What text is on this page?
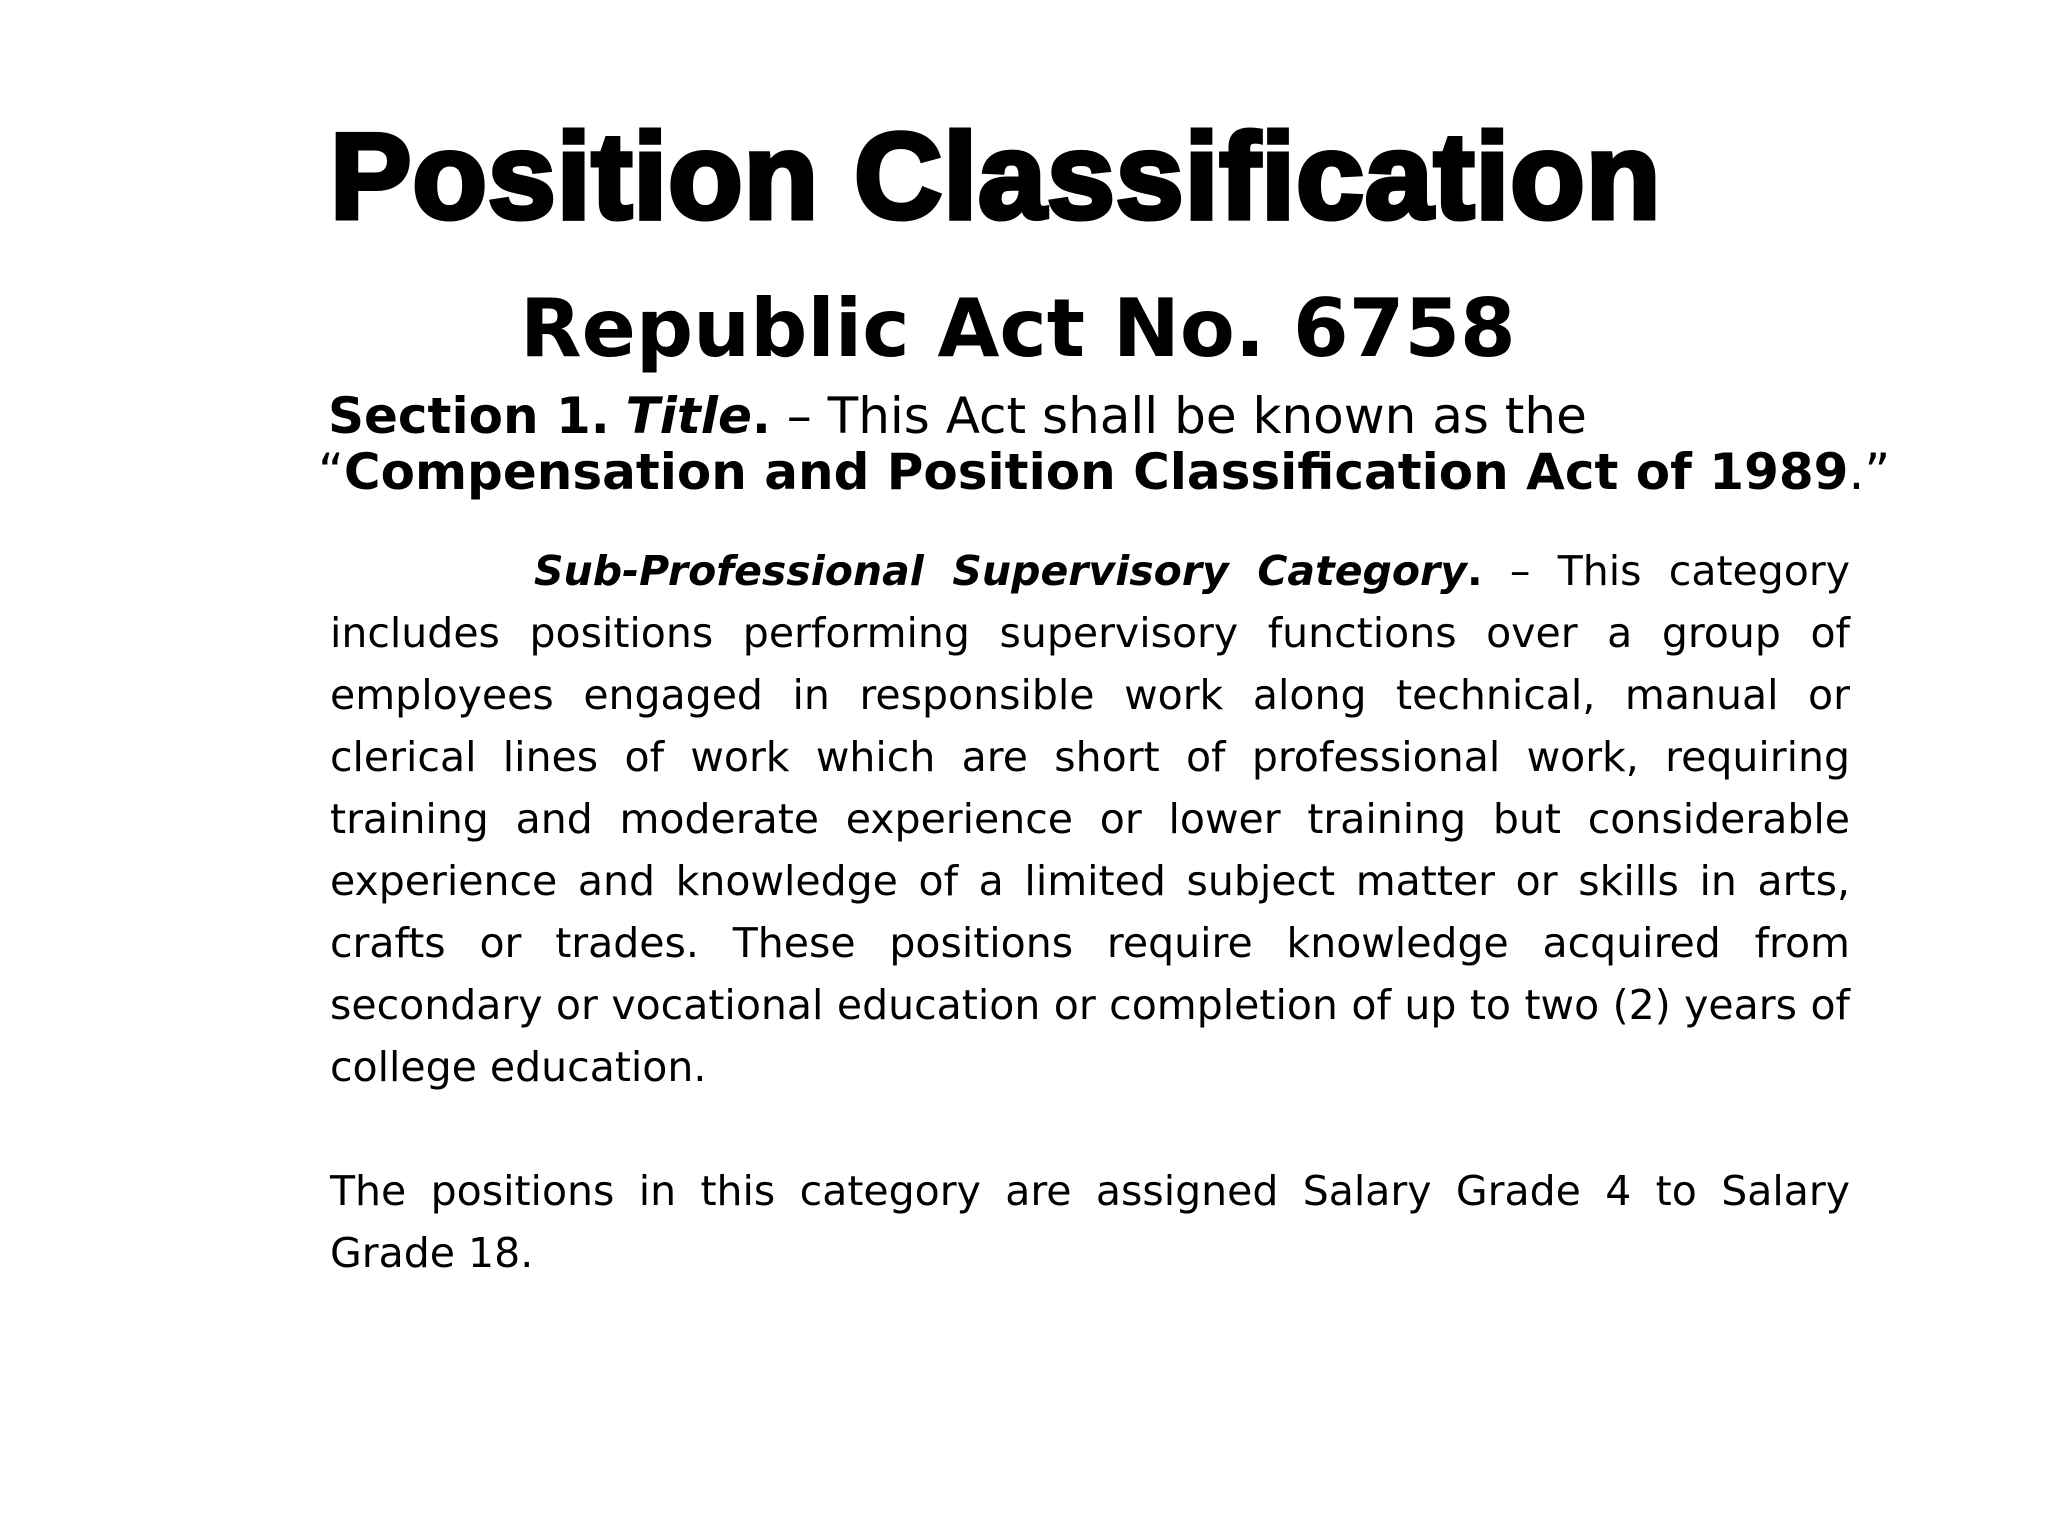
Position Classification
Republic Act No. 6758
Section 1. Title. – This Act shall be known as the
“Compensation and Position Classification Act of 1989.”

Sub-Professional Supervisory Category. – This category includes positions performing supervisory functions over a group of employees engaged in responsible work along technical, manual or clerical lines of work which are short of professional work, requiring training and moderate experience or lower training but considerable experience and knowledge of a limited subject matter or skills in arts, crafts or trades. These positions require knowledge acquired from secondary or vocational education or completion of up to two (2) years of college education.

The positions in this category are assigned Salary Grade 4 to Salary Grade 18.
